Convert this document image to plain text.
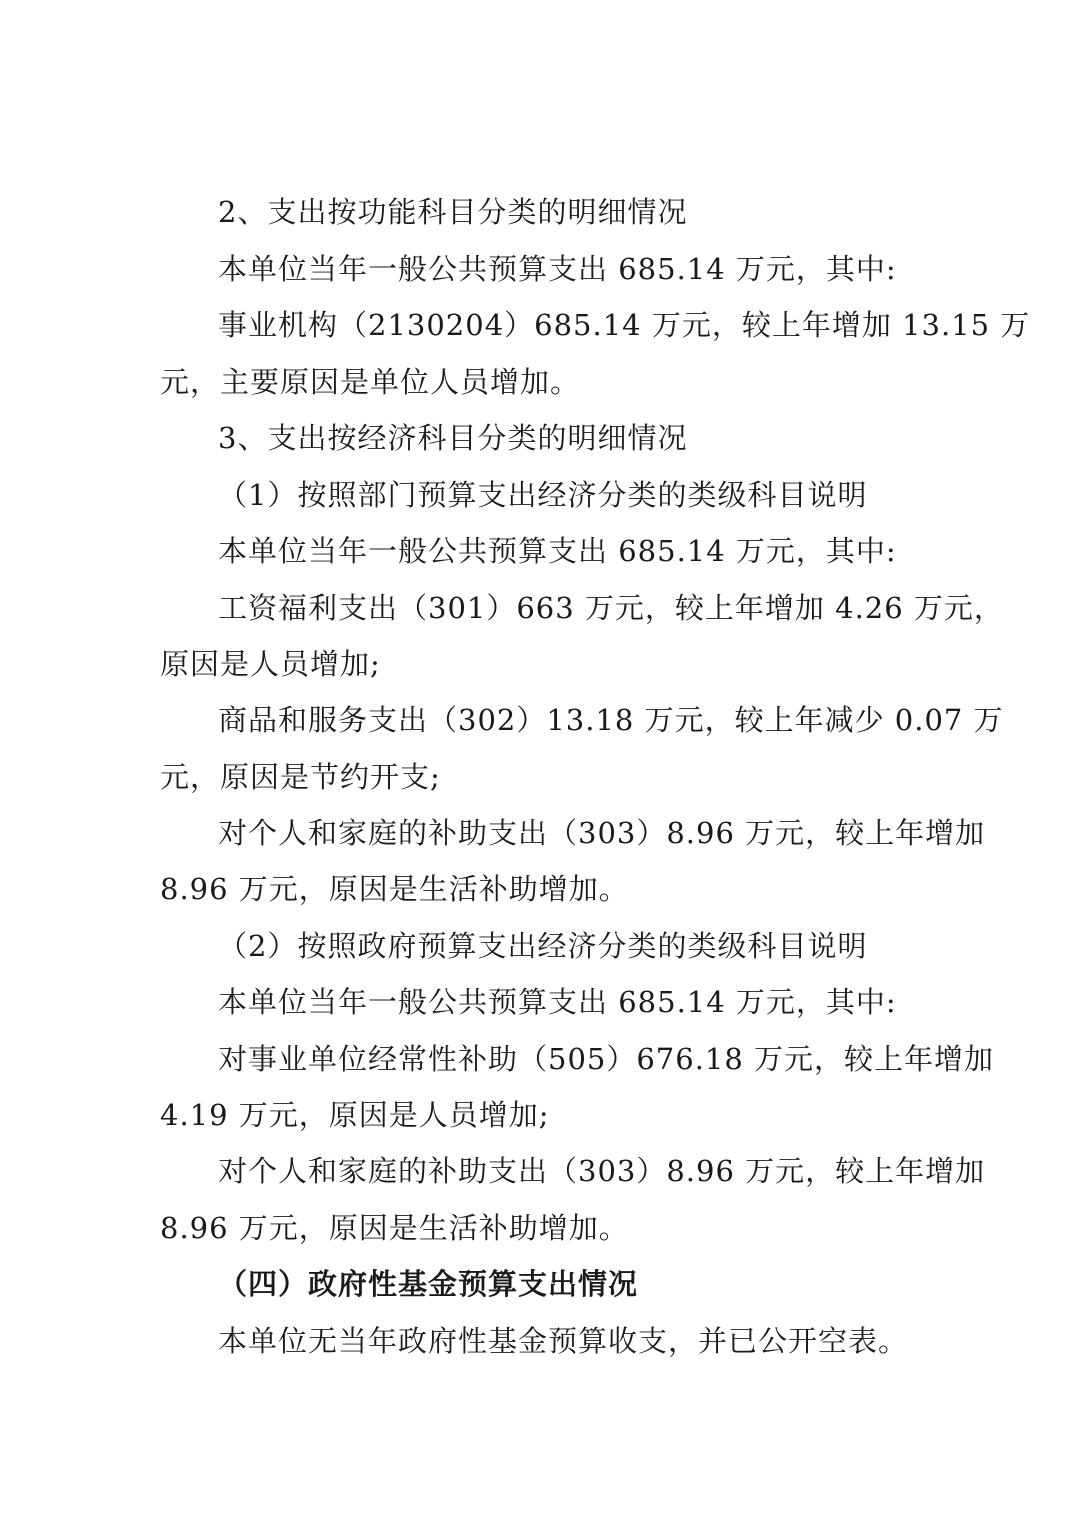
2、支出按功能科目分类的明细情况
本单位当年一般公共预算支出 685.14 万元，其中:
事业机构（2130204）685.14 万元，较上年增加 13.15 万
元，主要原因是单位人员增加。
3、支出按经济科目分类的明细情况
（1）按照部门预算支出经济分类的类级科目说明
本单位当年一般公共预算支出 685.14 万元，其中:
工资福利支出（301）663 万元，较上年增加 4.26 万元，
原因是人员增加;
商品和服务支出（302）13.18 万元，较上年减少 0.07 万
元，原因是节约开支;
对个人和家庭的补助支出（303）8.96 万元，较上年增加
8.96 万元，原因是生活补助增加。
（2）按照政府预算支出经济分类的类级科目说明
本单位当年一般公共预算支出 685.14 万元，其中:
对事业单位经常性补助（505）676.18 万元，较上年增加
4.19 万元，原因是人员增加;
对个人和家庭的补助支出（303）8.96 万元，较上年增加
8.96 万元，原因是生活补助增加。
（四）政府性基金预算支出情况
本单位无当年政府性基金预算收支，并已公开空表。
